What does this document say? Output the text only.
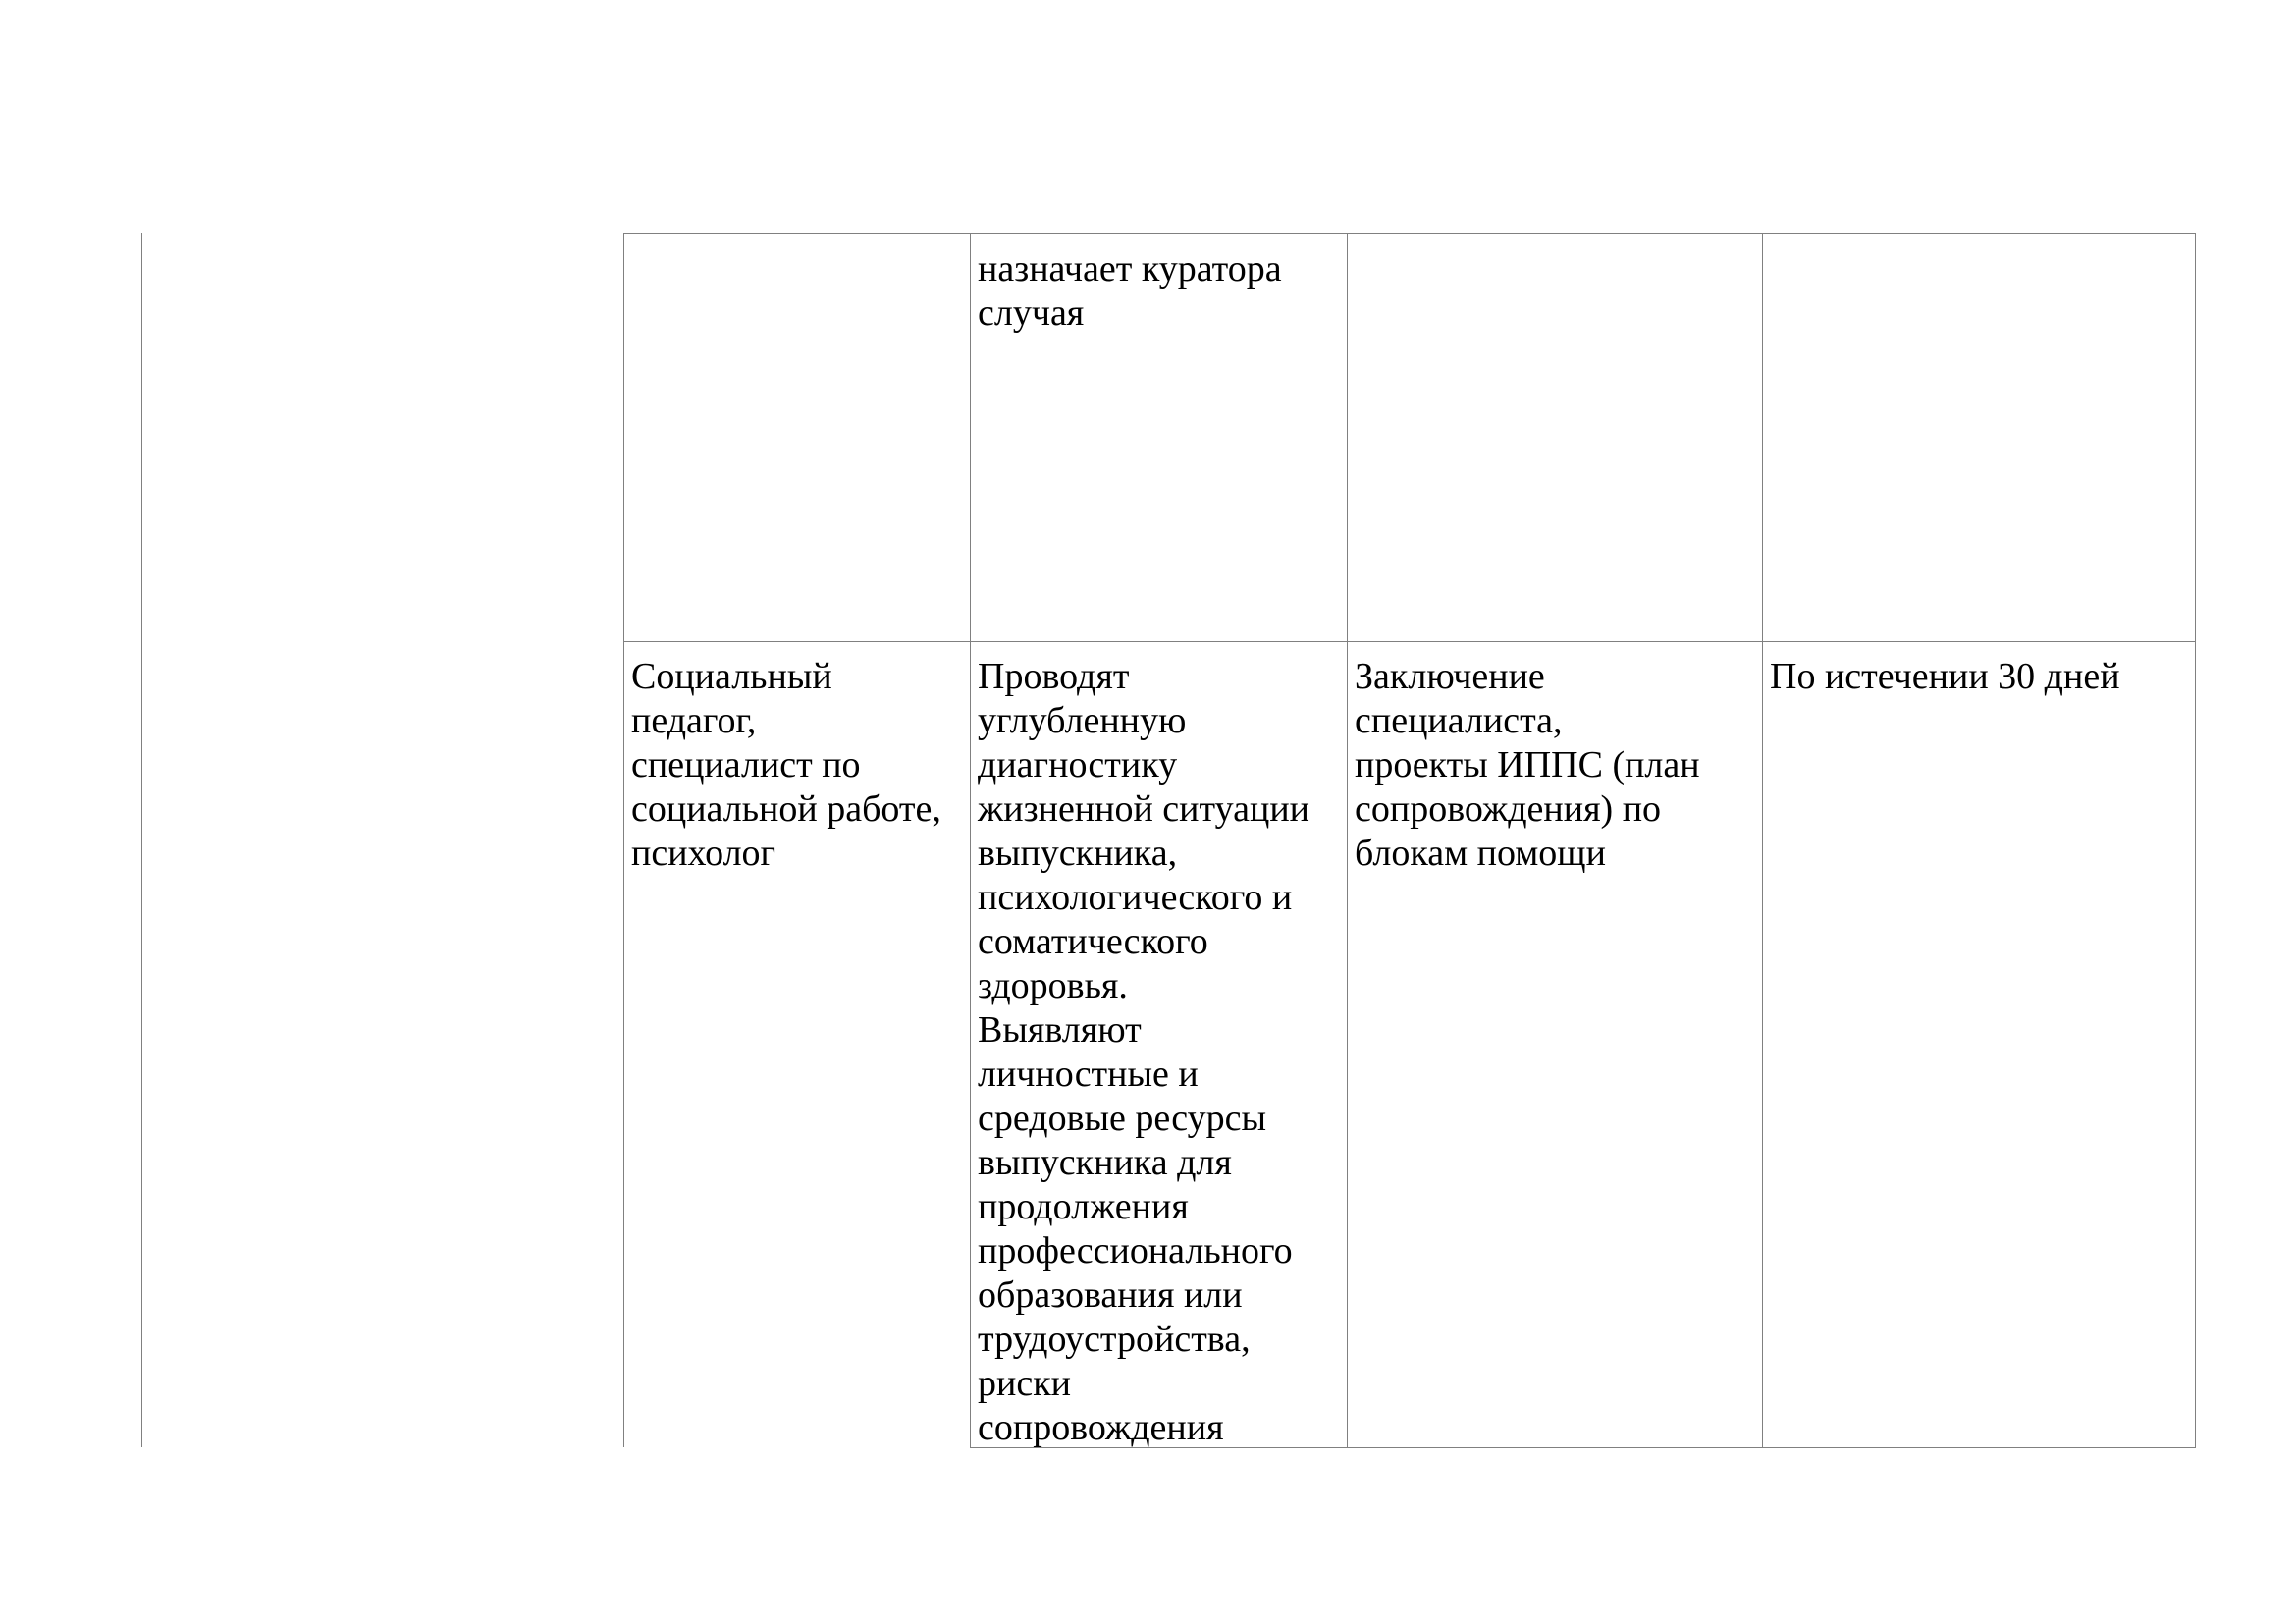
назначает куратора
случая
Социальный
педагог,
специалист по
социальной работе,
психолог
Проводят
углубленную
диагностику
жизненной ситуации
выпускника,
психологического и
соматического
здоровья.
Выявляют
личностные и
средовые ресурсы
выпускника для
продолжения
профессионального
образования или
трудоустройства,
риски
сопровождения
Заключение
специалиста,
проекты ИППС (план
сопровождения) по
блокам помощи
По истечении 30 дней
